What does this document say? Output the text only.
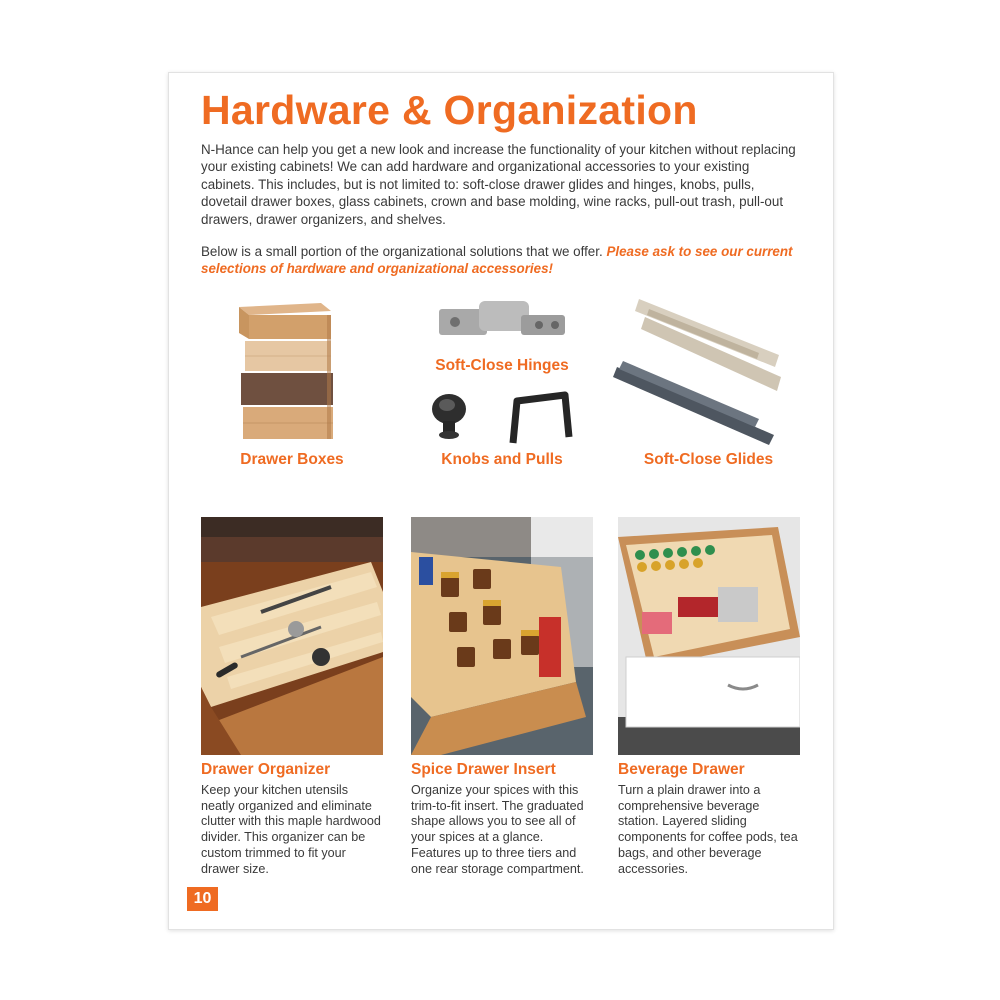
Hardware & Organization
N-Hance can help you get a new look and increase the functionality of your kitchen without replacing your existing cabinets! We can add hardware and organizational accessories to your existing cabinets. This includes, but is not limited to: soft-close drawer glides and hinges, knobs, pulls, dovetail drawer boxes, glass cabinets, crown and base molding, wine racks, pull-out trash, pull-out drawers, drawer organizers, and shelves.
Below is a small portion of the organizational solutions that we offer. Please ask to see our current selections of hardware and organizational accessories!
Soft-Close Hinges
Knobs and Pulls
Drawer Boxes	Soft-Close Glides
Drawer Organizer
Keep your kitchen utensils neatly organized and eliminate clutter with this maple hardwood divider. This organizer can be custom trimmed to fit your drawer size.
Spice Drawer Insert
Organize your spices with this trim-to-fit insert. The graduated shape allows you to see all of your spices at a glance. Features up to three tiers and one rear storage compartment.
Beverage Drawer
Turn a plain drawer into a comprehensive beverage station. Layered sliding components for coffee pods, tea bags, and other beverage accessories.
10
